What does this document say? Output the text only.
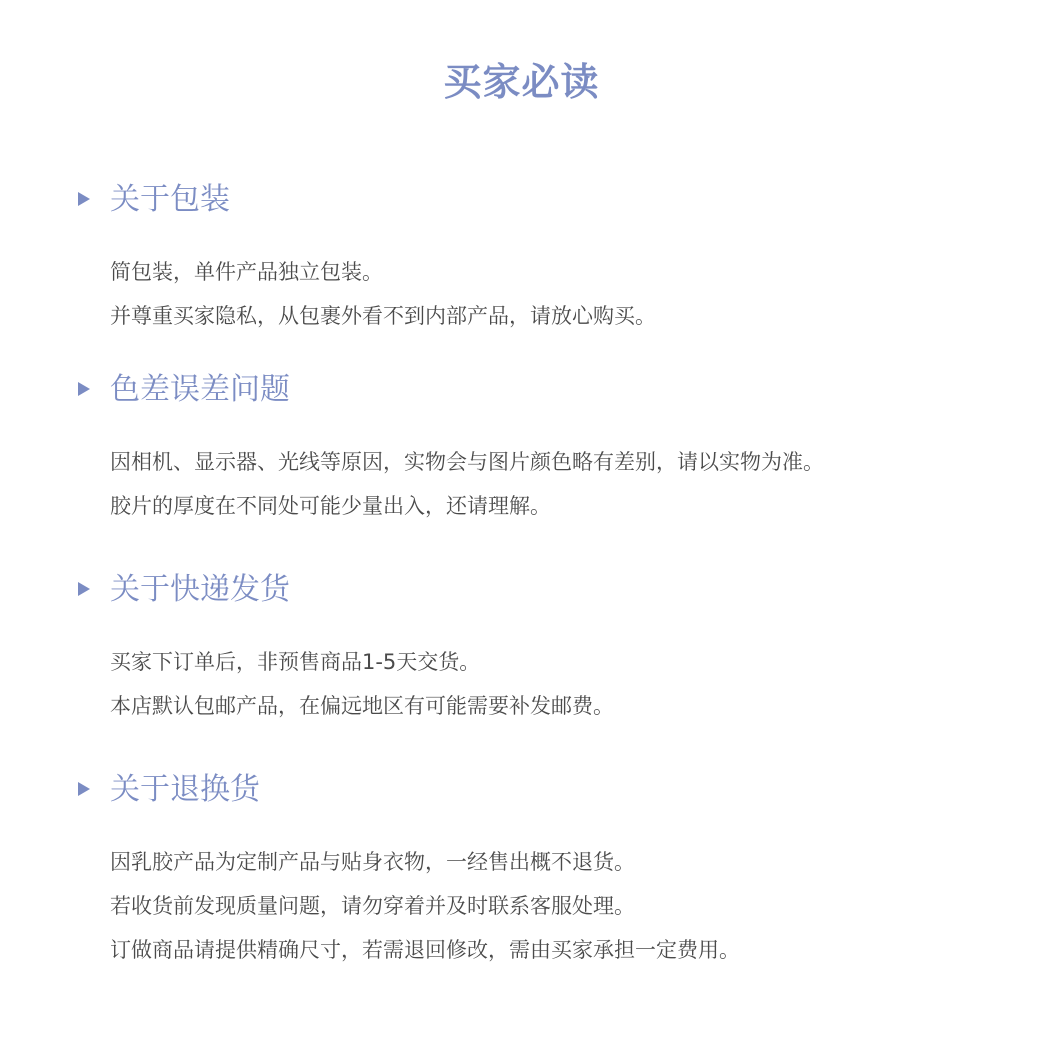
买家必读
关于包装
简包装，单件产品独立包装。
并尊重买家隐私，从包裹外看不到内部产品，请放心购买。
色差误差问题
因相机、显示器、光线等原因，实物会与图片颜色略有差别，请以实物为准。
胶片的厚度在不同处可能少量出入，还请理解。
关于快递发货
买家下订单后，非预售商品1-5天交货。
本店默认包邮产品，在偏远地区有可能需要补发邮费。
关于退换货
因乳胶产品为定制产品与贴身衣物，一经售出概不退货。
若收货前发现质量问题，请勿穿着并及时联系客服处理。
订做商品请提供精确尺寸，若需退回修改，需由买家承担一定费用。
